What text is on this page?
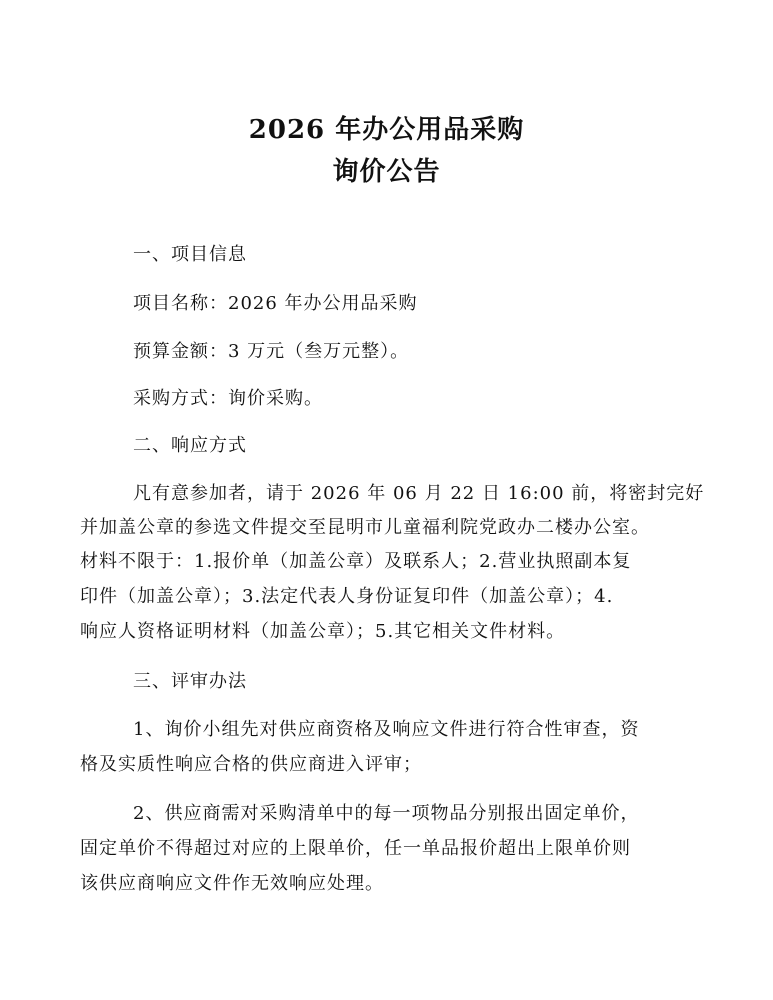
2026 年办公用品采购
询价公告
一、项目信息
项目名称：2026 年办公用品采购
预算金额：3 万元（叁万元整）。
采购方式：询价采购。
二、响应方式
凡有意参加者，请于 2026 年 06 月 22 日 16:00 前，将密封完好
并加盖公章的参选文件提交至昆明市儿童福利院党政办二楼办公室。
材料不限于：1.报价单（加盖公章）及联系人；2.营业执照副本复
印件（加盖公章）；3.法定代表人身份证复印件（加盖公章）；4.
响应人资格证明材料（加盖公章）；5.其它相关文件材料。
三、评审办法
1、询价小组先对供应商资格及响应文件进行符合性审查，资
格及实质性响应合格的供应商进入评审；
2、供应商需对采购清单中的每一项物品分别报出固定单价，
固定单价不得超过对应的上限单价，任一单品报价超出上限单价则
该供应商响应文件作无效响应处理。
